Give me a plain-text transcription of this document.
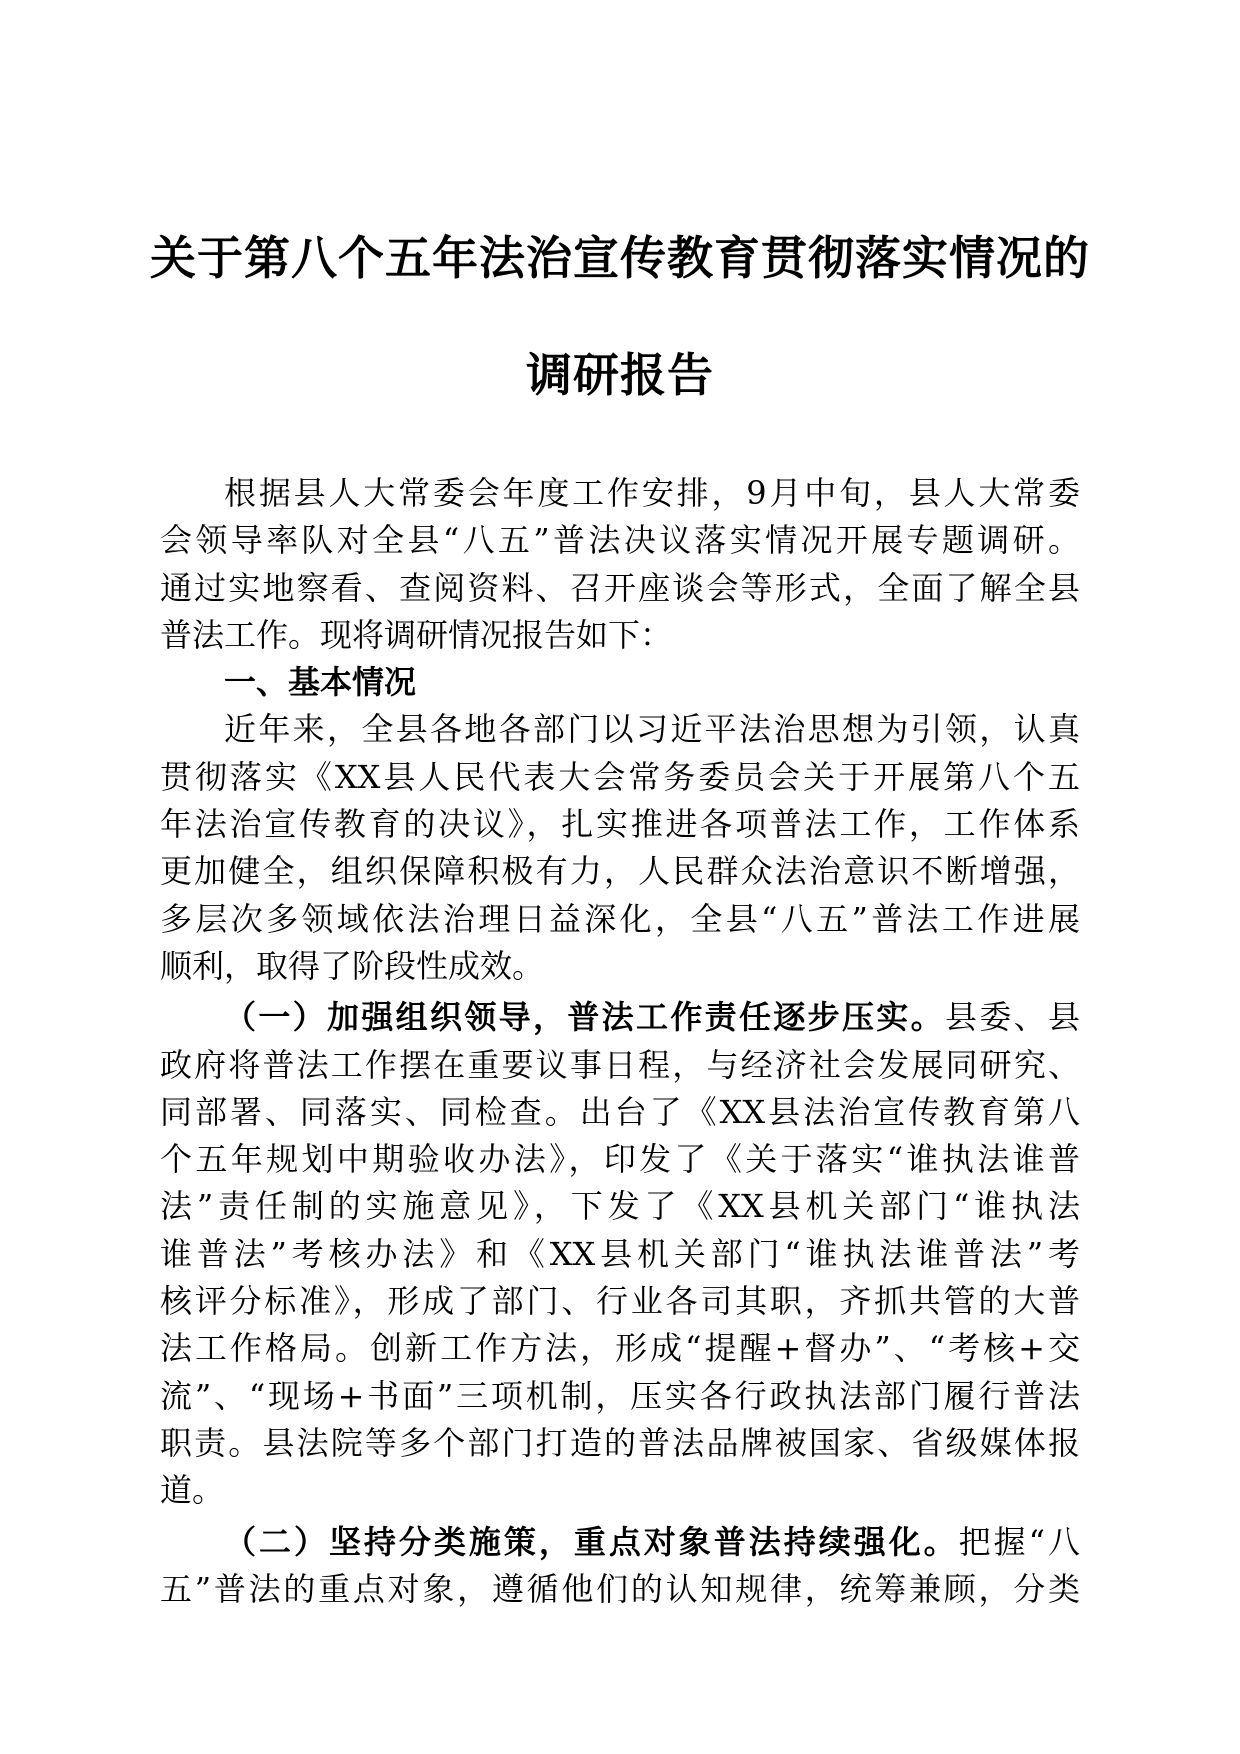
关于第八个五年法治宣传教育贯彻落实情况的
调研报告
根据县人大常委会年度工作安排，9月中旬，县人大常委
会领导率队对全县“八五”普法决议落实情况开展专题调研。
通过实地察看、查阅资料、召开座谈会等形式，全面了解全县
普法工作。现将调研情况报告如下：
一、基本情况
近年来，全县各地各部门以习近平法治思想为引领，认真
贯彻落实《XX县人民代表大会常务委员会关于开展第八个五
年法治宣传教育的决议》，扎实推进各项普法工作，工作体系
更加健全，组织保障积极有力，人民群众法治意识不断增强，
多层次多领域依法治理日益深化，全县“八五”普法工作进展
顺利，取得了阶段性成效。
（一）加强组织领导，普法工作责任逐步压实。县委、县
政府将普法工作摆在重要议事日程，与经济社会发展同研究、
同部署、同落实、同检查。出台了《XX县法治宣传教育第八
个五年规划中期验收办法》，印发了《关于落实“谁执法谁普
法”责任制的实施意见》，下发了《XX县机关部门“谁执法
谁普法”考核办法》和《XX县机关部门“谁执法谁普法”考
核评分标准》，形成了部门、行业各司其职，齐抓共管的大普
法工作格局。创新工作方法，形成“提醒+督办”、“考核+交
流”、“现场+书面”三项机制，压实各行政执法部门履行普法
职责。县法院等多个部门打造的普法品牌被国家、省级媒体报
道。
（二）坚持分类施策，重点对象普法持续强化。把握“八
五”普法的重点对象，遵循他们的认知规律，统筹兼顾，分类
